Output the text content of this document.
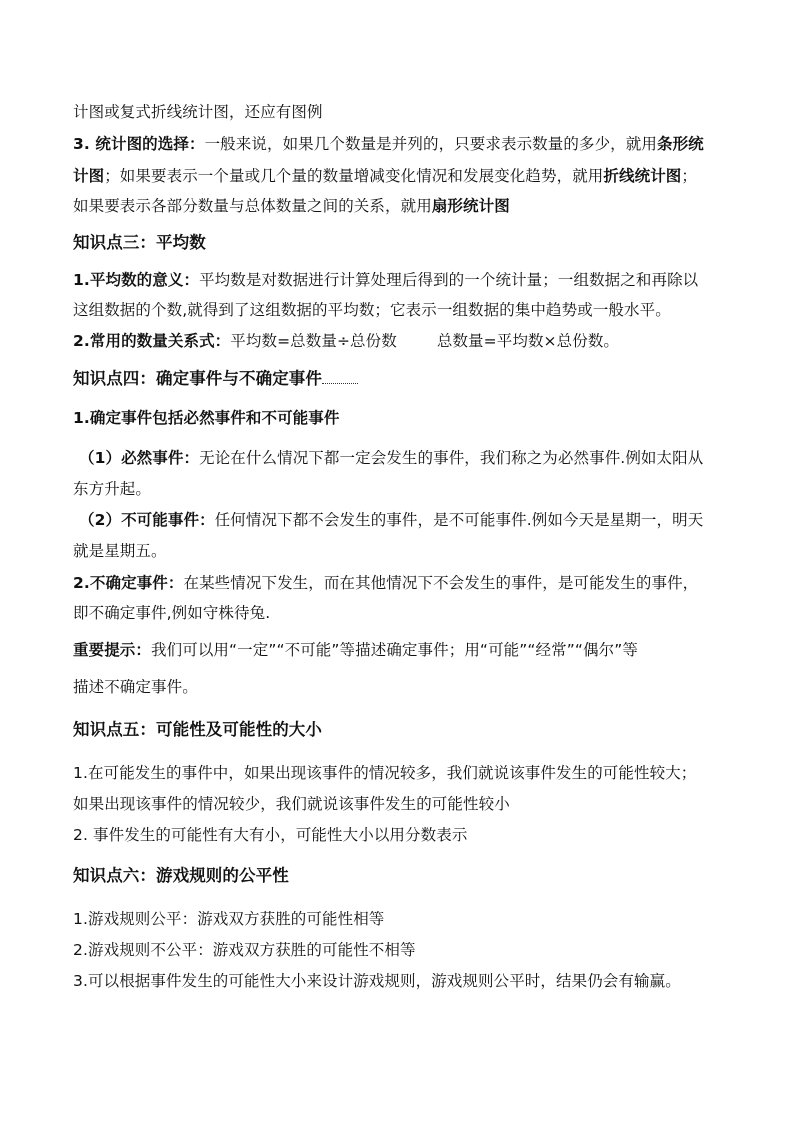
计图或复式折线统计图，还应有图例
3. 统计图的选择：一般来说，如果几个数量是并列的，只要求表示数量的多少，就用条形统
计图；如果要表示一个量或几个量的数量增减变化情况和发展变化趋势，就用折线统计图；
如果要表示各部分数量与总体数量之间的关系，就用扇形统计图
知识点三：平均数
1.平均数的意义：平均数是对数据进行计算处理后得到的一个统计量；一组数据之和再除以
这组数据的个数,就得到了这组数据的平均数；它表示一组数据的集中趋势或一般水平。
2.常用的数量关系式：平均数=总数量÷总份数	总数量=平均数×总份数。
知识点四：确定事件与不确定事件
1.确定事件包括必然事件和不可能事件
（1）必然事件：无论在什么情况下都一定会发生的事件，我们称之为必然事件.例如太阳从
东方升起。
（2）不可能事件：任何情况下都不会发生的事件，是不可能事件.例如今天是星期一，明天
就是星期五。
2.不确定事件：在某些情况下发生，而在其他情况下不会发生的事件，是可能发生的事件，
即不确定事件,例如守株待兔.
重要提示：我们可以用“一定”“不可能”等描述确定事件；用“可能”“经常”“偶尔”等
描述不确定事件。
知识点五：可能性及可能性的大小
1.在可能发生的事件中，如果出现该事件的情况较多，我们就说该事件发生的可能性较大；
如果出现该事件的情况较少，我们就说该事件发生的可能性较小
2. 事件发生的可能性有大有小，可能性大小以用分数表示
知识点六：游戏规则的公平性
1.游戏规则公平：游戏双方获胜的可能性相等
2.游戏规则不公平：游戏双方获胜的可能性不相等
3.可以根据事件发生的可能性大小来设计游戏规则，游戏规则公平时，结果仍会有输赢。
